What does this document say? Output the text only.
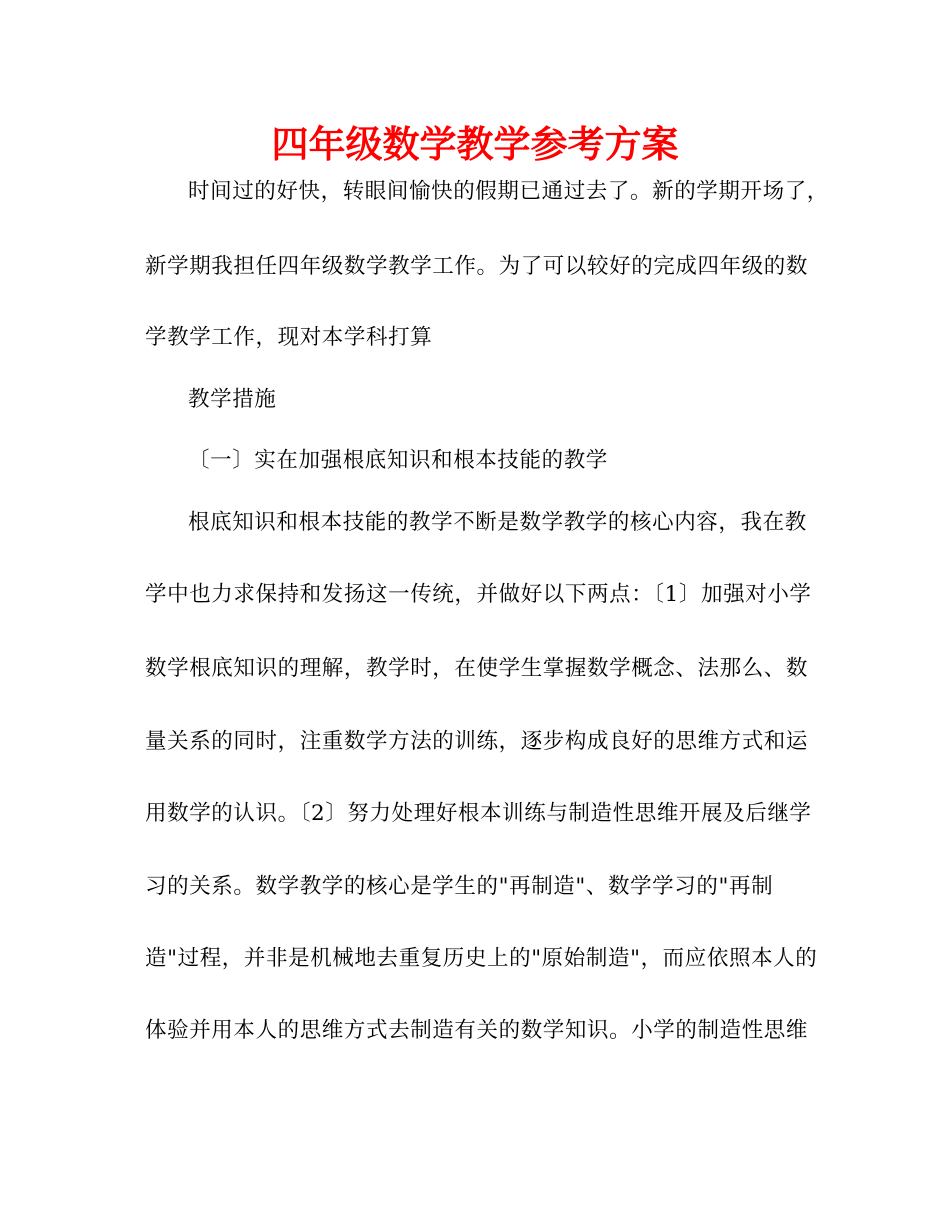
四年级数学教学参考方案
时间过的好快，转眼间愉快的假期已通过去了。新的学期开场了，
新学期我担任四年级数学教学工作。为了可以较好的完成四年级的数
学教学工作，现对本学科打算
教学措施
〔一〕实在加强根底知识和根本技能的教学
根底知识和根本技能的教学不断是数学教学的核心内容，我在教
学中也力求保持和发扬这一传统，并做好以下两点：〔1〕加强对小学
数学根底知识的理解，教学时，在使学生掌握数学概念、法那么、数
量关系的同时，注重数学方法的训练，逐步构成良好的思维方式和运
用数学的认识。〔2〕努力处理好根本训练与制造性思维开展及后继学
习的关系。数学教学的核心是学生的"再制造"、数学学习的"再制
造"过程，并非是机械地去重复历史上的"原始制造"，而应依照本人的
体验并用本人的思维方式去制造有关的数学知识。小学的制造性思维
